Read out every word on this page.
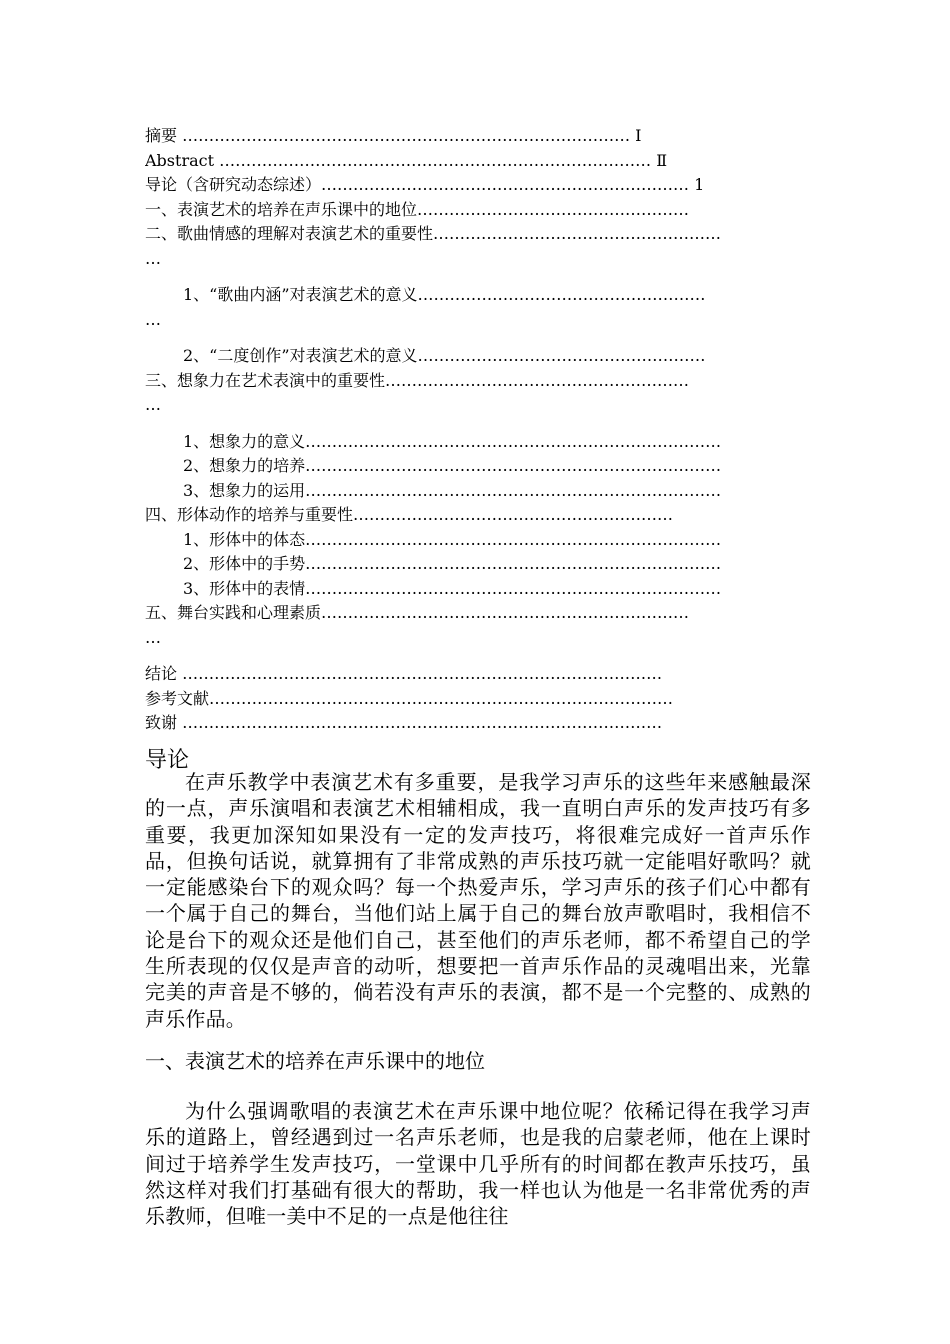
摘要 ………………………………………………………………………… Ⅰ
Abstract ……………………………………………………………………… Ⅱ
导论（含研究动态综述）…………………………………………………………… 1
一、表演艺术的培养在声乐课中的地位……………………………………………
二、歌曲情感的理解对表演艺术的重要性………………………………………………
…
1、“歌曲内涵”对表演艺术的意义………………………………………………
…
2、“二度创作”对表演艺术的意义………………………………………………
三、想象力在艺术表演中的重要性…………………………………………………
…
1、想象力的意义……………………………………………………………………
2、想象力的培养……………………………………………………………………
3、想象力的运用……………………………………………………………………
四、形体动作的培养与重要性……………………………………………………
1、形体中的体态……………………………………………………………………
2、形体中的手势……………………………………………………………………
3、形体中的表情……………………………………………………………………
五、舞台实践和心理素质……………………………………………………………
…
结论 ………………………………………………………………………………
参考文献……………………………………………………………………………
致谢 ………………………………………………………………………………
导论

在声乐教学中表演艺术有多重要，是我学习声乐的这些年来感触最深的一点，声乐演唱和表演艺术相辅相成，我一直明白声乐的发声技巧有多重要，我更加深知如果没有一定的发声技巧，将很难完成好一首声乐作品，但换句话说，就算拥有了非常成熟的声乐技巧就一定能唱好歌吗？就一定能感染台下的观众吗？每一个热爱声乐，学习声乐的孩子们心中都有一个属于自己的舞台，当他们站上属于自己的舞台放声歌唱时，我相信不论是台下的观众还是他们自己，甚至他们的声乐老师，都不希望自己的学生所表现的仅仅是声音的动听，想要把一首声乐作品的灵魂唱出来，光靠完美的声音是不够的，倘若没有声乐的表演，都不是一个完整的、成熟的声乐作品。

一、表演艺术的培养在声乐课中的地位

为什么强调歌唱的表演艺术在声乐课中地位呢？依稀记得在我学习声乐的道路上，曾经遇到过一名声乐老师，也是我的启蒙老师，他在上课时间过于培养学生发声技巧，一堂课中几乎所有的时间都在教声乐技巧，虽然这样对我们打基础有很大的帮助，我一样也认为他是一名非常优秀的声乐教师，但唯一美中不足的一点是他往往
